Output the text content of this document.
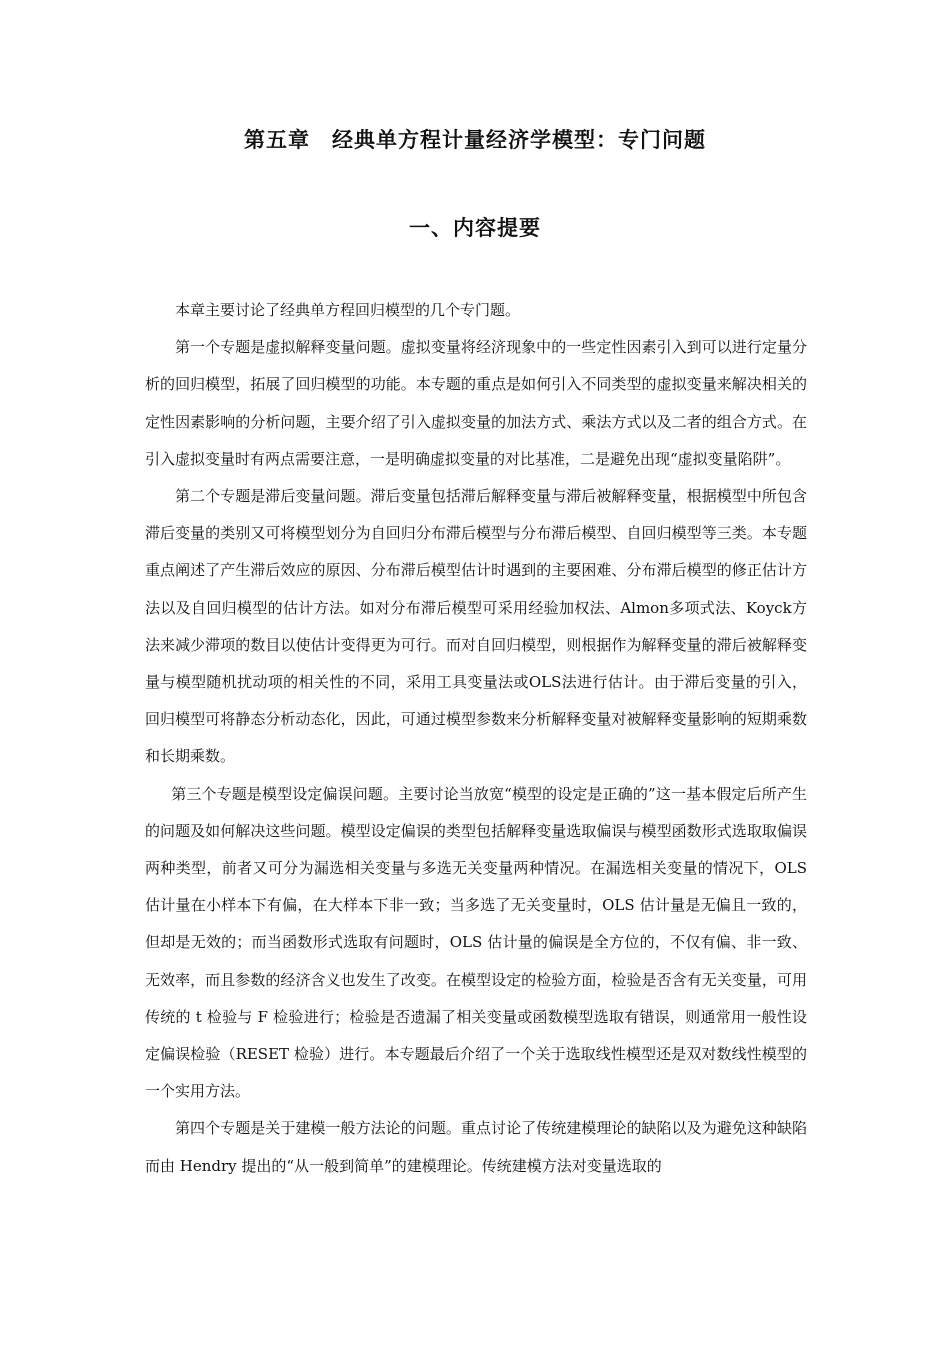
第五章 经典单方程计量经济学模型：专门问题
一、内容提要

本章主要讨论了经典单方程回归模型的几个专门题。

第一个专题是虚拟解释变量问题。虚拟变量将经济现象中的一些定性因素引入到可以进行定量分析的回归模型，拓展了回归模型的功能。本专题的重点是如何引入不同类型的虚拟变量来解决相关的定性因素影响的分析问题，主要介绍了引入虚拟变量的加法方式、乘法方式以及二者的组合方式。在引入虚拟变量时有两点需要注意，一是明确虚拟变量的对比基准，二是避免出现“虚拟变量陷阱”。

第二个专题是滞后变量问题。滞后变量包括滞后解释变量与滞后被解释变量，根据模型中所包含滞后变量的类别又可将模型划分为自回归分布滞后模型与分布滞后模型、自回归模型等三类。本专题重点阐述了产生滞后效应的原因、分布滞后模型估计时遇到的主要困难、分布滞后模型的修正估计方法以及自回归模型的估计方法。如对分布滞后模型可采用经验加权法、Almon多项式法、Koyck方法来减少滞项的数目以使估计变得更为可行。而对自回归模型，则根据作为解释变量的滞后被解释变量与模型随机扰动项的相关性的不同，采用工具变量法或OLS法进行估计。由于滞后变量的引入，回归模型可将静态分析动态化，因此，可通过模型参数来分析解释变量对被解释变量影响的短期乘数和长期乘数。

第三个专题是模型设定偏误问题。主要讨论当放宽“模型的设定是正确的”这一基本假定后所产生的问题及如何解决这些问题。模型设定偏误的类型包括解释变量选取偏误与模型函数形式选取取偏误两种类型，前者又可分为漏选相关变量与多选无关变量两种情况。在漏选相关变量的情况下，OLS 估计量在小样本下有偏，在大样本下非一致；当多选了无关变量时，OLS 估计量是无偏且一致的，但却是无效的；而当函数形式选取有问题时，OLS 估计量的偏误是全方位的，不仅有偏、非一致、无效率，而且参数的经济含义也发生了改变。在模型设定的检验方面，检验是否含有无关变量，可用传统的 t 检验与 F 检验进行；检验是否遗漏了相关变量或函数模型选取有错误，则通常用一般性设定偏误检验（RESET 检验）进行。本专题最后介绍了一个关于选取线性模型还是双对数线性模型的一个实用方法。

第四个专题是关于建模一般方法论的问题。重点讨论了传统建模理论的缺陷以及为避免这种缺陷而由 Hendry 提出的“从一般到简单”的建模理论。传统建模方法对变量选取的
